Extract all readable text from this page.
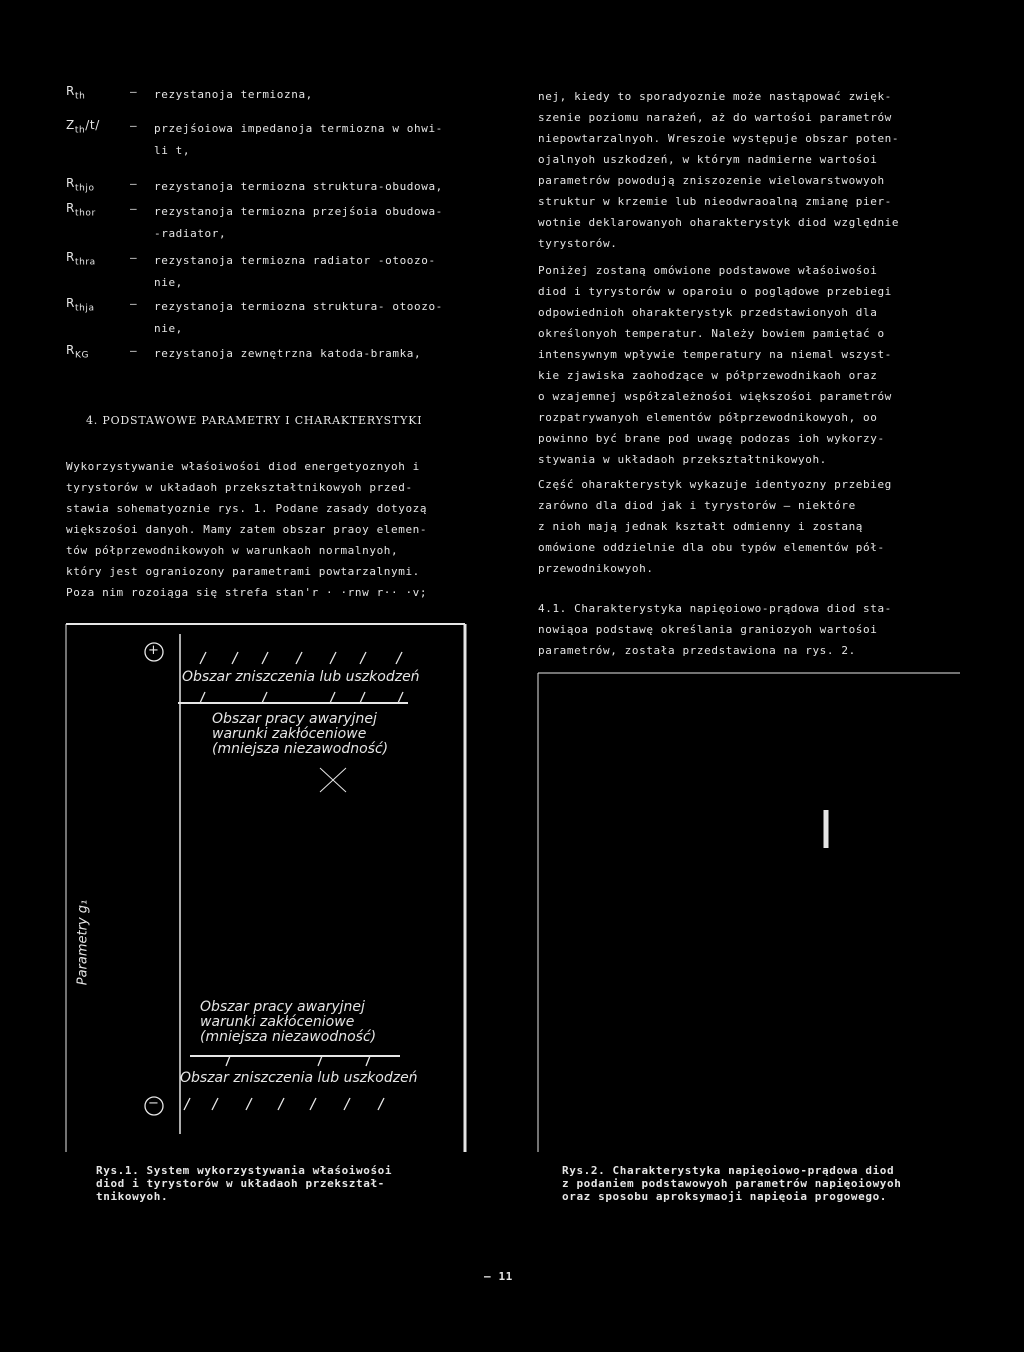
$R_{th}$	– rezystanoja termiozna,
$Z_{th}/t/$	– przejśoiowa impedanoja termiozna w ohwi-
li t,
$R_{thjo}$	– rezystanoja termiozna struktura-obudowa,
$R_{thor}$	– rezystanoja termiozna przejśoia obudowa-
-radiator,
$R_{thra}$	– rezystanoja termiozna radiator -otoozo-
nie,
$R_{thja}$	– rezystanoja termiozna struktura- otoozo-
nie,
$R_{KG}$	– rezystanoja zewnętrzna katoda-bramka,
4. PODSTAWOWE PARAMETRY I CHARAKTERYSTYKI
Wykorzystywanie właśoiwośoi diod energetyoznyoh i
tyrystorów w układaoh przekształtnikowyoh przed-
stawia sohematyoznie rys. 1. Podane zasady dotyozą
większośoi danyoh. Mamy zatem obszar praoy elemen-
tów półprzewodnikowyoh w warunkaoh normalnyoh,
który jest ograniozony parametrami powtarzalnymi.
Poza nim rozoiąga się strefa stan'r · ·rnw r·· ·v;
+
−
Obszar zniszczenia lub uszkodzeń
Obszar pracy awaryjnej
warunki zakłóceniowe
(mniejsza niezawodność)
Parametry g₁
Obszar pracy awaryjnej
warunki zakłóceniowe
(mniejsza niezawodność)
Obszar zniszczenia lub uszkodzeń
Rys.1. System wykorzystywania właśoiwośoi
diod i tyrystorów w układaoh przekształ-
tnikowyoh.
nej, kiedy to sporadyoznie może nastąpować zwięk-
szenie poziomu narażeń, aż do wartośoi parametrów
niepowtarzalnyoh. Wreszoie występuje obszar poten-
ojalnyoh uszkodzeń, w którym nadmierne wartośoi
parametrów powodują zniszozenie wielowarstwowyoh
struktur w krzemie lub nieodwraoalną zmianę pier-
wotnie deklarowanyoh oharakterystyk diod względnie
tyrystorów.
Poniżej zostaną omówione podstawowe właśoiwośoi
diod i tyrystorów w oparoiu o poglądowe przebiegi
odpowiednioh oharakterystyk przedstawionyoh dla
określonyoh temperatur. Należy bowiem pamiętać o
intensywnym wpływie temperatury na niemal wszyst-
kie zjawiska zaohodzące w półprzewodnikaoh oraz
o wzajemnej współzależnośoi większośoi parametrów
rozpatrywanyoh elementów półprzewodnikowyoh, oo
powinno być brane pod uwagę podozas ioh wykorzy-
stywania w układaoh przekształtnikowyoh.
Część oharakterystyk wykazuje identyozny przebieg
zarówno dla diod jak i tyrystorów – niektóre
z nioh mają jednak kształt odmienny i zostaną
omówione oddzielnie dla obu typów elementów pół-
przewodnikowyoh.
4.1. Charakterystyka napięoiowo-prądowa diod sta-
nowiąoa podstawę określania graniozyoh wartośoi
parametrów, została przedstawiona na rys. 2.
Rys.2. Charakterystyka napięoiowo-prądowa diod
z podaniem podstawowyoh parametrów napięoiowyoh
oraz sposobu aproksymaoji napięoia progowego.
– 11
